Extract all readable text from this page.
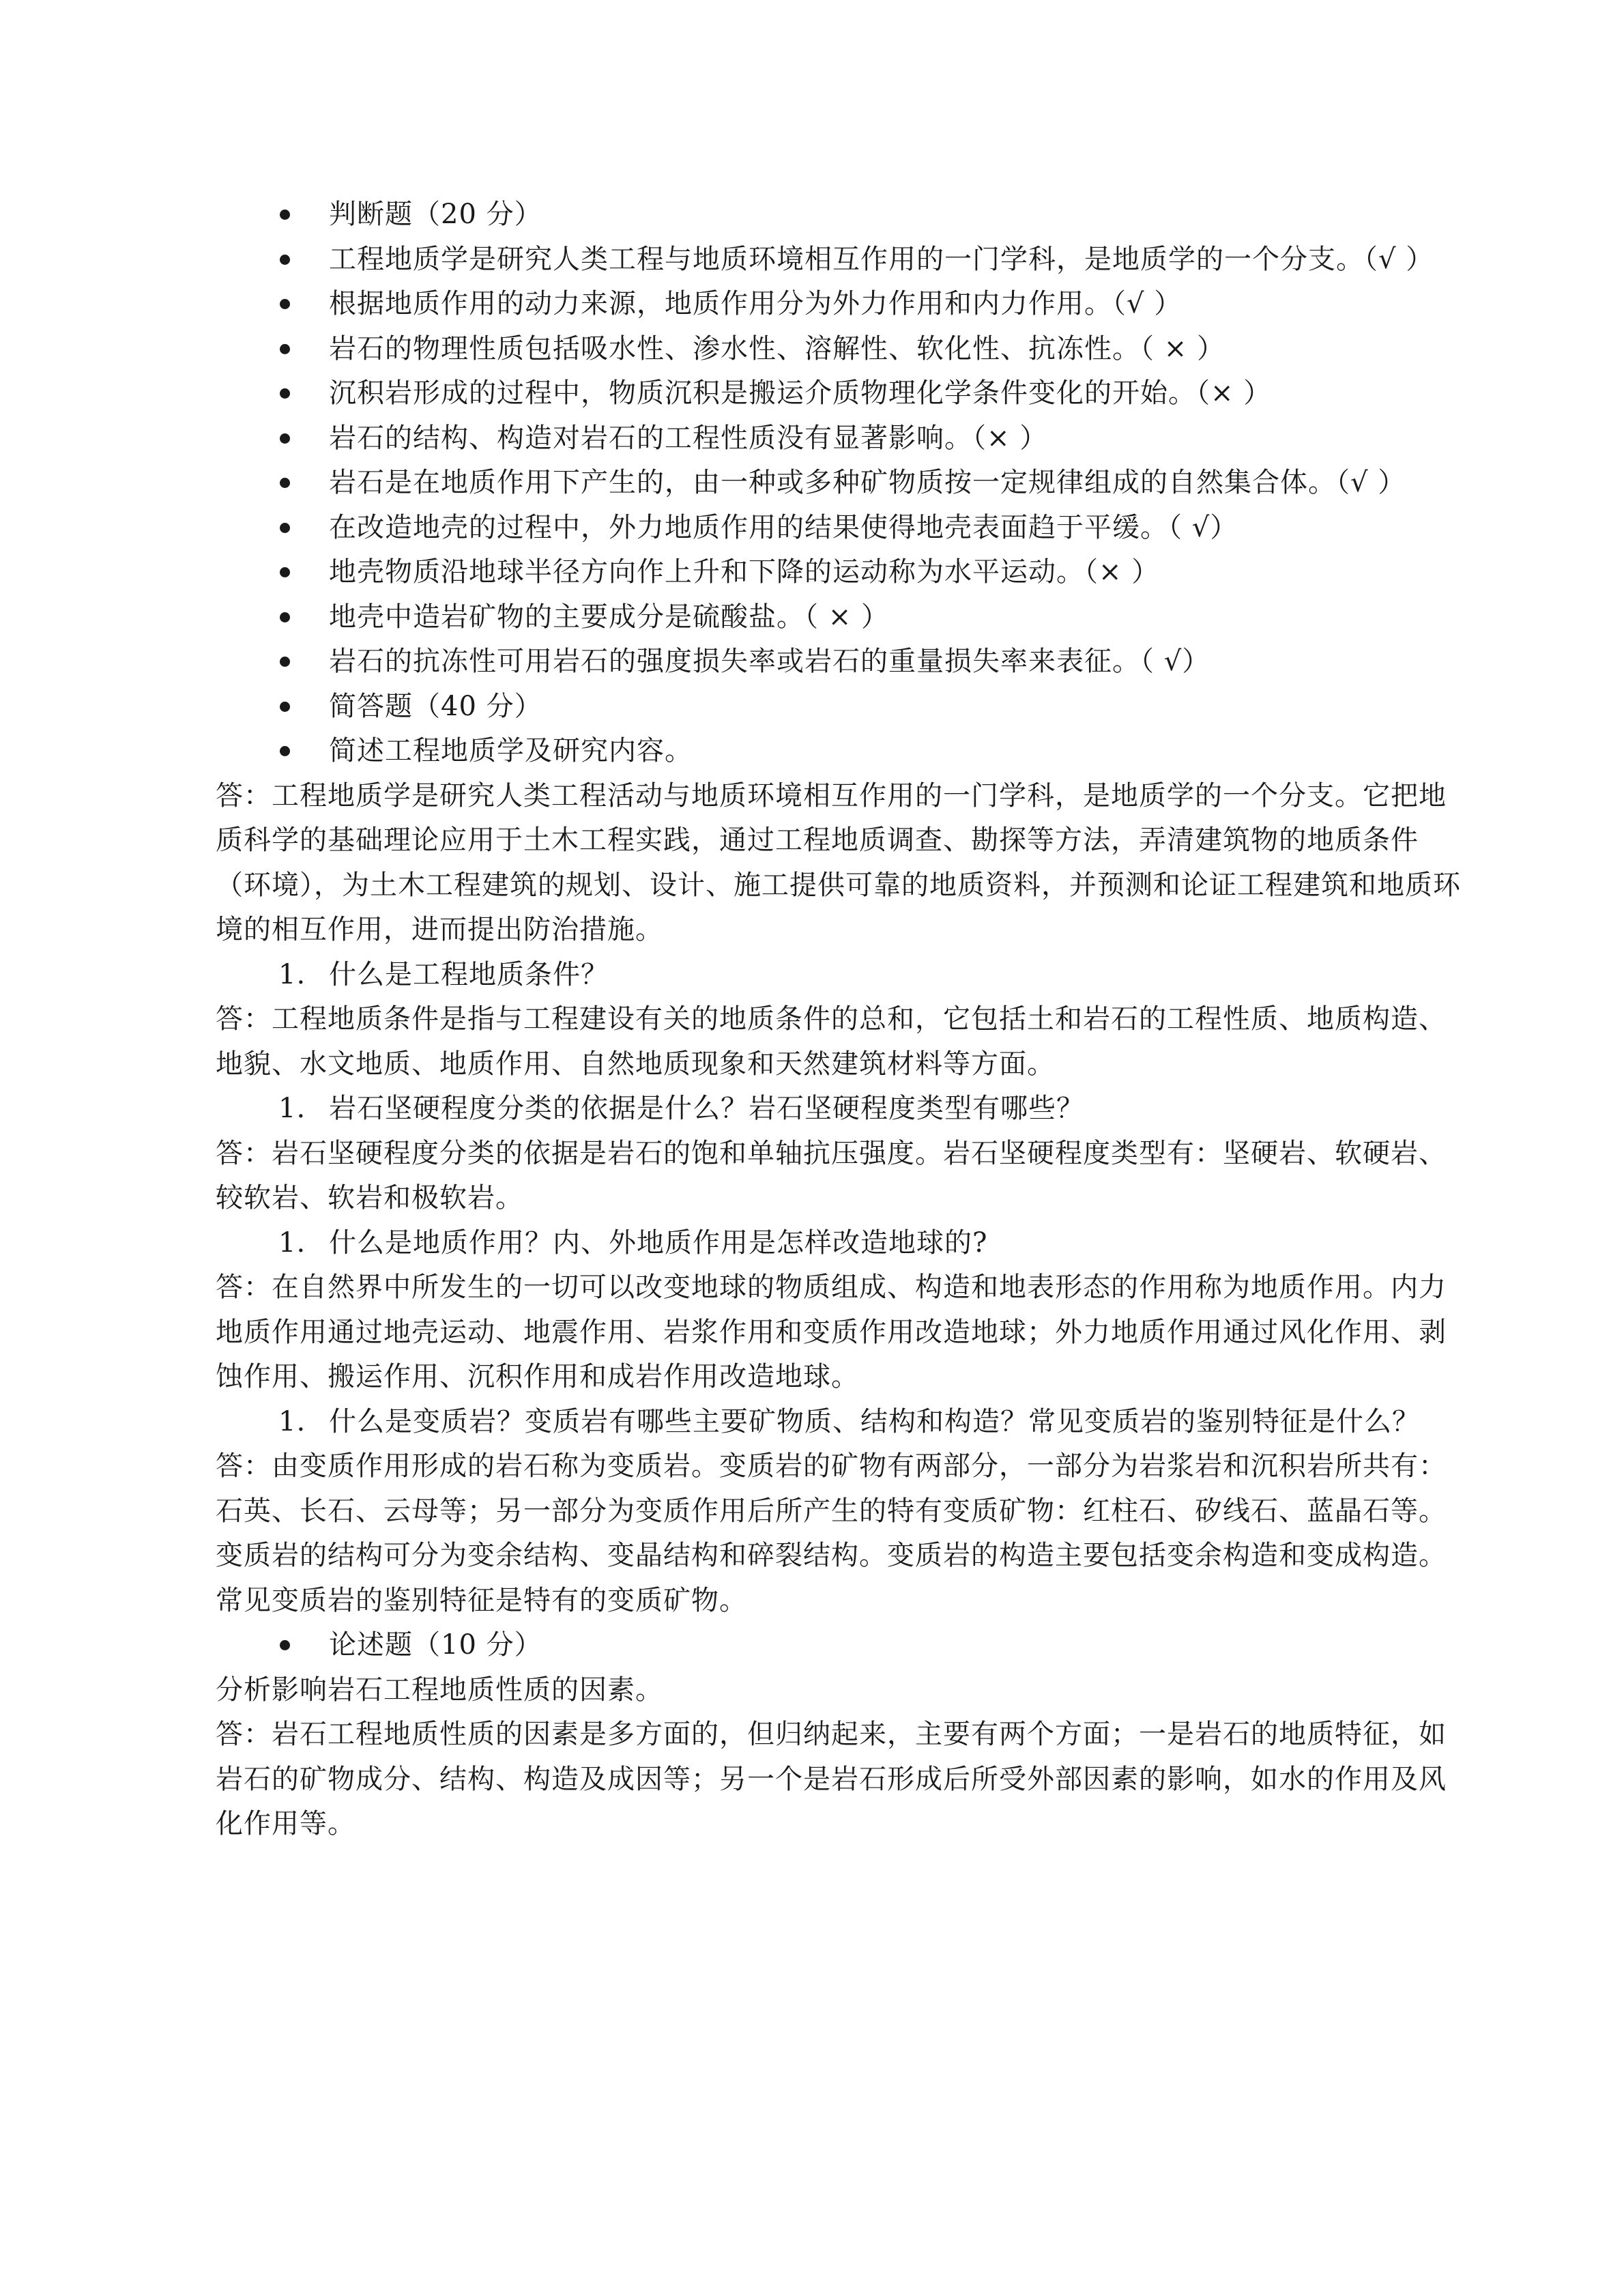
判断题（20 分）

工程地质学是研究人类工程与地质环境相互作用的一门学科，是地质学的一个分支。（√ ）

根据地质作用的动力来源，地质作用分为外力作用和内力作用。（√ ）

岩石的物理性质包括吸水性、渗水性、溶解性、软化性、抗冻性。（ × ）

沉积岩形成的过程中，物质沉积是搬运介质物理化学条件变化的开始。（× ）

岩石的结构、构造对岩石的工程性质没有显著影响。（× ）

岩石是在地质作用下产生的，由一种或多种矿物质按一定规律组成的自然集合体。（√ ）

在改造地壳的过程中，外力地质作用的结果使得地壳表面趋于平缓。（ √）

地壳物质沿地球半径方向作上升和下降的运动称为水平运动。（× ）

地壳中造岩矿物的主要成分是硫酸盐。（ × ）

岩石的抗冻性可用岩石的强度损失率或岩石的重量损失率来表征。（ √）

简答题（40 分）

简述工程地质学及研究内容。

答：工程地质学是研究人类工程活动与地质环境相互作用的一门学科，是地质学的一个分支。它把地质科学的基础理论应用于土木工程实践，通过工程地质调查、勘探等方法，弄清建筑物的地质条件（环境），为土木工程建筑的规划、设计、施工提供可靠的地质资料，并预测和论证工程建筑和地质环境的相互作用，进而提出防治措施。

1. 什么是工程地质条件？

答：工程地质条件是指与工程建设有关的地质条件的总和，它包括土和岩石的工程性质、地质构造、地貌、水文地质、地质作用、自然地质现象和天然建筑材料等方面。

1. 岩石坚硬程度分类的依据是什么？岩石坚硬程度类型有哪些？

答：岩石坚硬程度分类的依据是岩石的饱和单轴抗压强度。岩石坚硬程度类型有：坚硬岩、软硬岩、较软岩、软岩和极软岩。

1. 什么是地质作用？内、外地质作用是怎样改造地球的?

答：在自然界中所发生的一切可以改变地球的物质组成、构造和地表形态的作用称为地质作用。内力地质作用通过地壳运动、地震作用、岩浆作用和变质作用改造地球；外力地质作用通过风化作用、剥蚀作用、搬运作用、沉积作用和成岩作用改造地球。

1. 什么是变质岩？变质岩有哪些主要矿物质、结构和构造？常见变质岩的鉴别特征是什么？

答：由变质作用形成的岩石称为变质岩。变质岩的矿物有两部分，一部分为岩浆岩和沉积岩所共有：石英、长石、云母等；另一部分为变质作用后所产生的特有变质矿物：红柱石、矽线石、蓝晶石等。变质岩的结构可分为变余结构、变晶结构和碎裂结构。变质岩的构造主要包括变余构造和变成构造。常见变质岩的鉴别特征是特有的变质矿物。

论述题（10 分）

分析影响岩石工程地质性质的因素。

答：岩石工程地质性质的因素是多方面的，但归纳起来，主要有两个方面；一是岩石的地质特征，如岩石的矿物成分、结构、构造及成因等；另一个是岩石形成后所受外部因素的影响，如水的作用及风化作用等。
